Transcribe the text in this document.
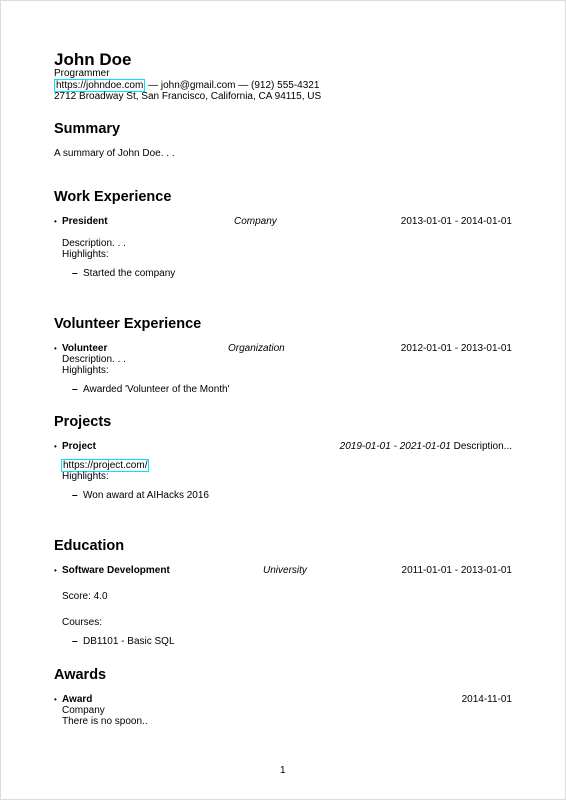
John Doe
Programmer
https://johndoe.com — john@gmail.com — (912) 555-4321
2712 Broadway St, San Francisco, California, CA 94115, US
Summary
A summary of John Doe. . .
Work Experience
• President	Company	2013-01-01 - 2014-01-01
Description. . .
Highlights:
– Started the company
Volunteer Experience
• Volunteer	Organization	2012-01-01 - 2013-01-01
Description. . .
Highlights:
– Awarded 'Volunteer of the Month'
Projects
• Project	2019-01-01 - 2021-01-01 Description...
https://project.com/
Highlights:
– Won award at AIHacks 2016
Education
• Software Development	University	2011-01-01 - 2013-01-01
Score: 4.0
Courses:
– DB1101 - Basic SQL
Awards
• Award	2014-11-01
Company
There is no spoon..
1
